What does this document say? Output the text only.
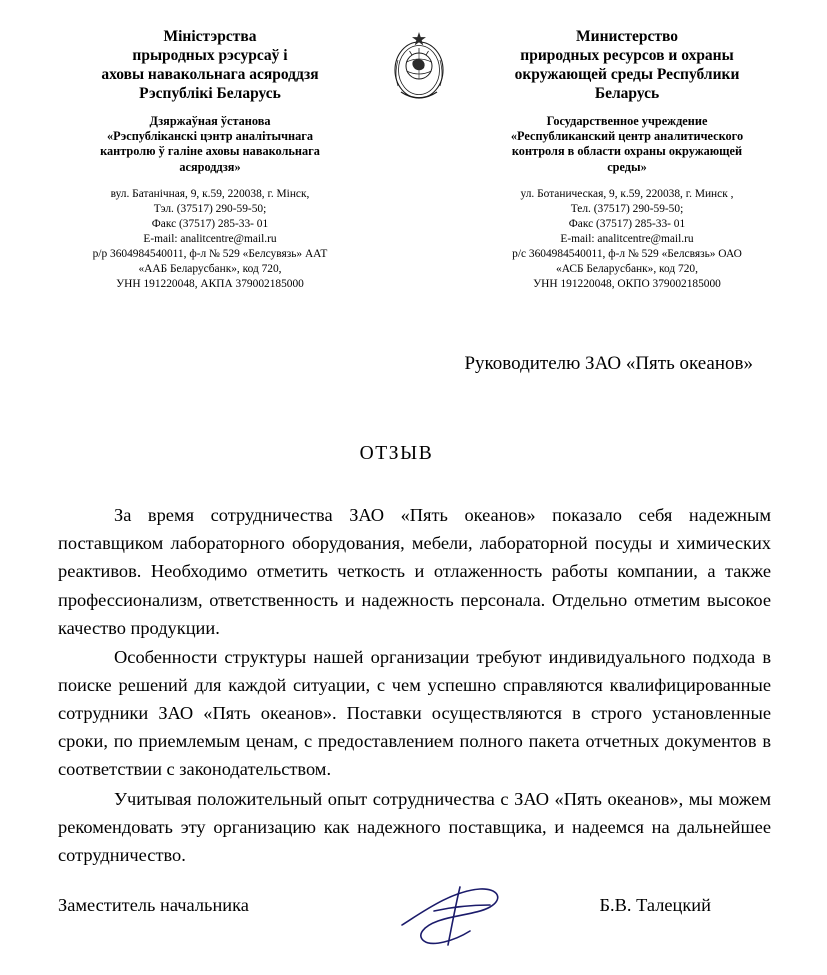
Міністэрства
прыродных рэсурсаў і
аховы навакольнага асяроддзя
Рэспублікі Беларусь
Дзяржаўная ўстанова
«Рэспубліканскі цэнтр аналітычнага
кантролю ў галіне аховы навакольнага
асяроддзя»
вул. Батанічная, 9, к.59, 220038, г. Мінск,
Тэл. (37517) 290-59-50;
Факс (37517) 285-33- 01
E-mail: analitcentre@mail.ru
р/р 3604984540011, ф-л № 529 «Белсувязь» ААТ
«ААБ Беларусбанк», код 720,
УНН 191220048, АКПА 379002185000
Министерство
природных ресурсов и охраны
окружающей среды Республики
Беларусь
Государственное учреждение
«Республиканский центр аналитического
контроля в области охраны окружающей
среды»
ул. Ботаническая, 9, к.59, 220038, г. Минск ,
Тел. (37517) 290-59-50;
Факс (37517) 285-33- 01
E-mail: analitcentre@mail.ru
р/с 3604984540011, ф-л № 529 «Белсвязь» ОАО
«АСБ Беларусбанк», код 720,
УНН 191220048, ОКПО 379002185000
Руководителю ЗАО «Пять океанов»
ОТЗЫВ

За время сотрудничества ЗАО «Пять океанов» показало себя надежным поставщиком лабораторного оборудования, мебели, лабораторной посуды и химических реактивов. Необходимо отметить четкость и отлаженность работы компании, а также профессионализм, ответственность и надежность персонала. Отдельно отметим высокое качество продукции.

Особенности структуры нашей организации требуют индивидуального подхода в поиске решений для каждой ситуации, с чем успешно справляются квалифицированные сотрудники ЗАО «Пять океанов». Поставки осуществляются в строго установленные сроки, по приемлемым ценам, с предоставлением полного пакета отчетных документов в соответствии с законодательством.

Учитывая положительный опыт сотрудничества с ЗАО «Пять океанов», мы можем рекомендовать эту организацию как надежного поставщика, и надеемся на дальнейшее сотрудничество.

Заместитель начальника	Б.В. Талецкий
